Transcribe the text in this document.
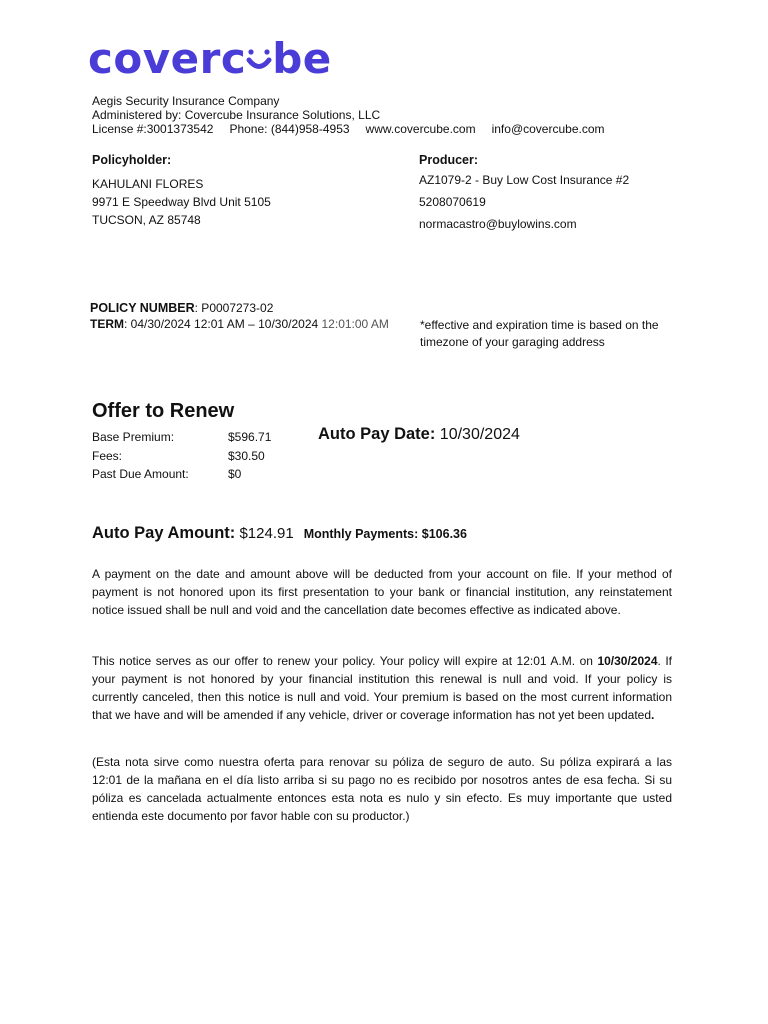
coverc be
Aegis Security Insurance Company
Administered by: Covercube Insurance Solutions, LLC
License #:3001373542 Phone: (844)958-4953 www.covercube.com info@covercube.com
Policyholder:
KAHULANI FLORES
9971 E Speedway Blvd Unit 5105
TUCSON, AZ 85748
Producer:
AZ1079-2 - Buy Low Cost Insurance #2
5208070619
normacastro@buylowins.com
POLICY NUMBER: P0007273-02
TERM: 04/30/2024 12:01 AM – 10/30/2024 12:01:00 AM	*effective and expiration time is based on the timezone of your garaging address
Offer to Renew
Base Premium:	$596.71
Fees:	$30.50
Past Due Amount:	$0
Auto Pay Date: 10/30/2024
Auto Pay Amount: $124.91 Monthly Payments: $106.36
A payment on the date and amount above will be deducted from your account on file. If your method of payment is not honored upon its first presentation to your bank or financial institution, any reinstatement notice issued shall be null and void and the cancellation date becomes effective as indicated above.
This notice serves as our offer to renew your policy. Your policy will expire at 12:01 A.M. on 10/30/2024. If your payment is not honored by your financial institution this renewal is null and void. If your policy is currently canceled, then this notice is null and void. Your premium is based on the most current information that we have and will be amended if any vehicle, driver or coverage information has not yet been updated.
(Esta nota sirve como nuestra oferta para renovar su póliza de seguro de auto. Su póliza expirará a las 12:01 de la mañana en el día listo arriba si su pago no es recibido por nosotros antes de esa fecha. Si su póliza es cancelada actualmente entonces esta nota es nulo y sin efecto. Es muy importante que usted entienda este documento por favor hable con su productor.)
